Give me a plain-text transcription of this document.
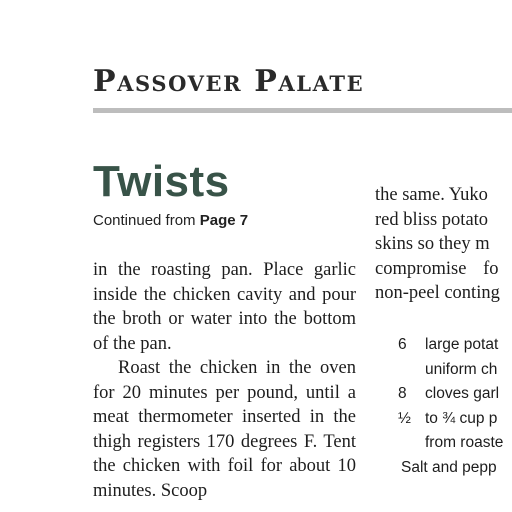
Passover Palate
Twists
Continued from Page 7

in the roasting pan. Place garlic inside the chicken cavity and pour the broth or water into the bottom of the pan.

Roast the chicken in the oven for 20 minutes per pound, until a meat thermometer inserted in the thigh registers 170 degrees F. Tent the chicken with foil for about 10 minutes. Scoop

the same. Yuko
red bliss potato
skins so they m
compromise fo
non-peel conting
6	large potat
uniform ch
8	cloves garl
½ to ¾ cup p
from roaste
Salt and pepp
